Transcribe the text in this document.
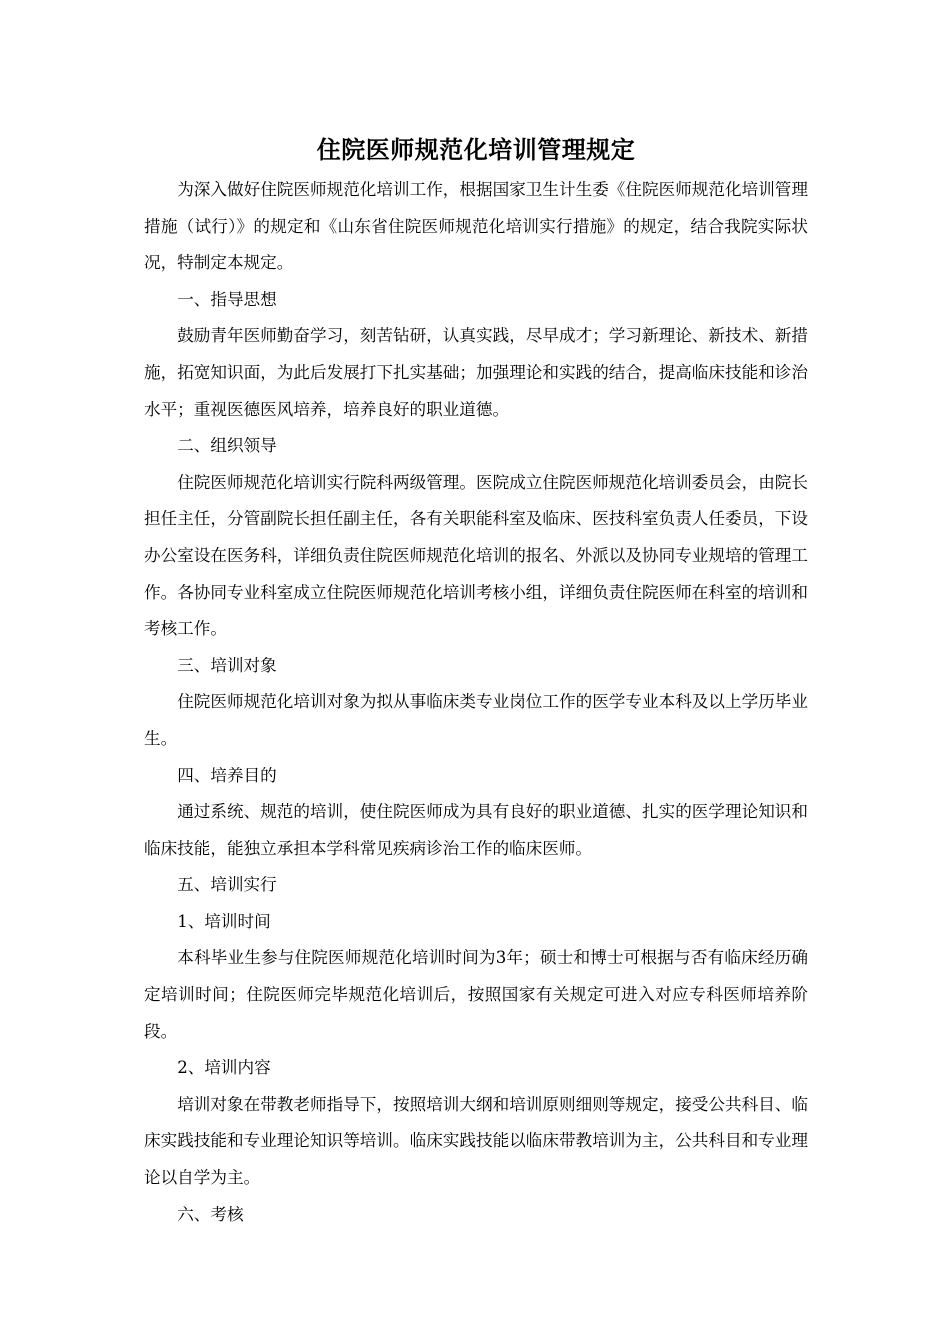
住院医师规范化培训管理规定

为深入做好住院医师规范化培训工作，根据国家卫生计生委《住院医师规范化培训管理措施（试行）》的规定和《山东省住院医师规范化培训实行措施》的规定，结合我院实际状况，特制定本规定。

一、指导思想

鼓励青年医师勤奋学习，刻苦钻研，认真实践，尽早成才；学习新理论、新技术、新措施，拓宽知识面，为此后发展打下扎实基础；加强理论和实践的结合，提高临床技能和诊治水平；重视医德医风培养，培养良好的职业道德。

二、组织领导

住院医师规范化培训实行院科两级管理。医院成立住院医师规范化培训委员会，由院长担任主任，分管副院长担任副主任，各有关职能科室及临床、医技科室负责人任委员，下设办公室设在医务科，详细负责住院医师规范化培训的报名、外派以及协同专业规培的管理工作。各协同专业科室成立住院医师规范化培训考核小组，详细负责住院医师在科室的培训和考核工作。

三、培训对象

住院医师规范化培训对象为拟从事临床类专业岗位工作的医学专业本科及以上学历毕业生。

四、培养目的

通过系统、规范的培训，使住院医师成为具有良好的职业道德、扎实的医学理论知识和临床技能，能独立承担本学科常见疾病诊治工作的临床医师。

五、培训实行

1、培训时间

本科毕业生参与住院医师规范化培训时间为3年；硕士和博士可根据与否有临床经历确定培训时间；住院医师完毕规范化培训后，按照国家有关规定可进入对应专科医师培养阶段。

2、培训内容

培训对象在带教老师指导下，按照培训大纲和培训原则细则等规定，接受公共科目、临床实践技能和专业理论知识等培训。临床实践技能以临床带教培训为主，公共科目和专业理论以自学为主。

六、考核
